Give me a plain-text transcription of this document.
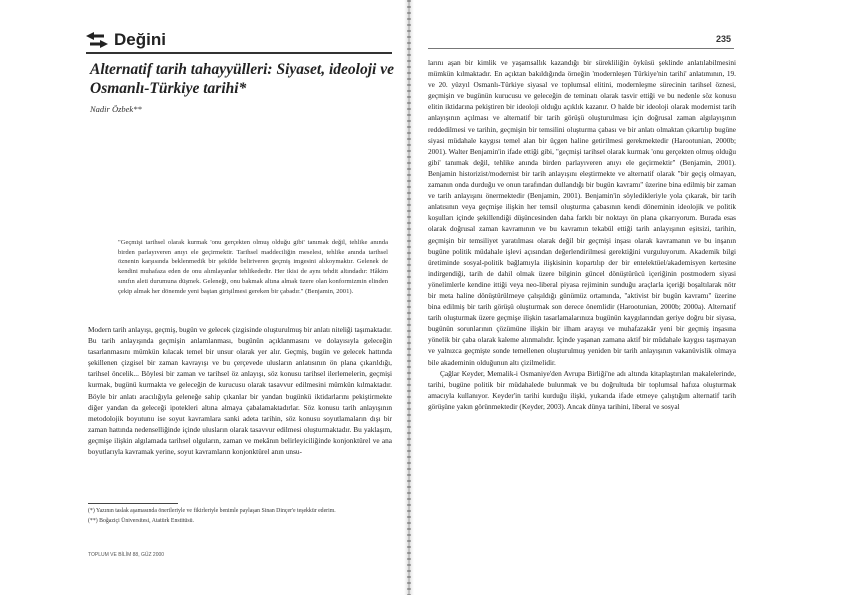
Değini
Alternatif tarih tahayyülleri: Siyaset, ideoloji ve Osmanlı-Türkiye tarihi*
Nadir Özbek**
"Geçmişi tarihsel olarak kurmak 'onu gerçekten olmuş olduğu gibi' tanımak değil, tehlike anında birden parlayıveren anıyı ele geçirmektir. Tarihsel maddeciliğin meselesi, tehlike anında tarihsel öznenin karşısında beklenmedik bir şekilde beliriveren geçmiş imgesini alıkoymaktır. Gelenek de kendini muhafaza eden de onu alımlayanlar tehlikededir. Her ikisi de aynı tehdit altındadır: Hâkim sınıfın aleti durumuna düşmek. Geleneği, onu bakmak altına almak üzere olan konformizmin elinden çekip almak her dönemde yeni baştan girişilmesi gereken bir çabadır." (Benjamin, 2001).

Modern tarih anlayışı, geçmiş, bugün ve gelecek çizgisinde oluşturulmuş bir anlatı niteliği taşımaktadır. Bu tarih anlayışında geçmişin anlamlanması, bugünün açıklanmasını ve dolayısıyla geleceğin tasarlanmasını mümkün kılacak temel bir unsur olarak yer alır. Geçmiş, bugün ve gelecek hattında şekillenen çizgisel bir zaman kavrayışı ve bu çerçevede ulusların anlatısının ön plana çıkarıldığı, tarihsel öncelik... Böylesi bir zaman ve tarihsel öz anlayışı, söz konusu tarihsel ilerlemelerin, geçmişi kurmak, bugünü kurmakta ve geleceğin de kurucusu olarak tasavvur edilmesini mümkün kılmaktadır. Böyle bir anlatı aracılığıyla geleneğe sahip çıkanlar bir yandan bugünkü iktidarlarını pekiştirmekte diğer yandan da geleceği ipotekleri altına almaya çabalamaktadırlar. Söz konusu tarih anlayışının metodolojik boyutunu ise soyut kavramlara sanki adeta tarihin, söz konusu soyutlamaların dışı bir zaman hattında nedenselliğinde içinde ulusların olarak tasavvur edilmesi oluşturmaktadır. Bu yaklaşım, geçmişe ilişkin algılamada tarihsel olguların, zaman ve mekânın belirleyiciliğinde konjonktürel ve ana boyutlarıyla kavramak yerine, soyut kavramların konjonktürel anın unsu-

(*) Yazının taslak aşamasında önerileriyle ve fikirleriyle benimle paylaşan Sinan Dinçer'e teşekkür ederim.
(**) Boğaziçi Üniversitesi, Atatürk Enstitüsü.
TOPLUM VE BİLİM 88, GÜZ 2000
235

larını aşan bir kimlik ve yaşamsallık kazandığı bir sürekliliğin öyküsü şeklinde anlatılabilmesini mümkün kılmaktadır. En açıktan bakıldığında örneğin 'modernleşen Türkiye'nin tarihi' anlatımının, 19. ve 20. yüzyıl Osmanlı-Türkiye siyasal ve toplumsal elitini, modernleşme sürecinin tarihsel öznesi, geçmişin ve bugünün kurucusu ve geleceğin de teminatı olarak tasvir ettiği ve bu nedenle söz konusu elitin iktidarına pekiştiren bir ideoloji olduğu açıklık kazanır. O halde bir ideoloji olarak modernist tarih anlayışının açılması ve alternatif bir tarih görüşü oluşturulması için doğrusal zaman algılayışının reddedilmesi ve tarihin, geçmişin bir temsilini oluşturma çabası ve bir anlatı olmaktan çıkartılıp bugüne siyasi müdahale kaygısı temel alan bir üçgen haline getirilmesi gerekmektedir (Harootunian, 2000b; 2001). Walter Benjamin'in ifade ettiği gibi, "geçmişi tarihsel olarak kurmak 'onu gerçekten olmuş olduğu gibi' tanımak değil, tehlike anında birden parlayıveren anıyı ele geçirmektir" (Benjamin, 2001). Benjamin historizist/modernist bir tarih anlayışını eleştirmekte ve alternatif olarak "bir geçiş olmayan, zamanın onda durduğu ve onun tarafından dullandığı bir bugün kavramı" üzerine bina edilmiş bir zaman ve tarih anlayışını önermektedir (Benjamin, 2001). Benjamin'in söyledikleriyle yola çıkarak, bir tarih anlatısının veya geçmişe ilişkin her temsil oluşturma çabasının kendi döneminin ideolojik ve politik koşulları içinde şekillendiği düşüncesinden daha farklı bir noktayı ön plana çıkarıyorum. Burada esas olarak doğrusal zaman kavramının ve bu kavramın tekabül ettiği tarih anlayışının eşitsizi, tarihin, geçmişin bir temsiliyet yaratılması olarak değil bir geçmişi inşası olarak kavramanın ve bu inşanın bugüne politik müdahale işlevi açısından değerlendirilmesi gerektiğini vurguluyorum. Akademik bilgi üretiminde sosyal-politik bağlamıyla ilişkisinin kopartılıp der bir entelektüel/akademisyen kertesine indirgendiği, tarih de dahil olmak üzere bilginin güncel dönüştürücü içeriğinin postmodern siyasi yönelimlerle kendine ittiği veya neo-liberal piyasa rejiminin sunduğu araçlarla içeriği boşaltılarak nötr bir meta haline dönüştürülmeye çalışıldığı günümüz ortamında, "aktivist bir bugün kavramı" üzerine bina edilmiş bir tarih görüşü oluşturmak son derece önemlidir (Harootunian, 2000b; 2000a). Alternatif tarih oluşturmak üzere geçmişe ilişkin tasarlamalarınıza bugünün kaygılarından geriye doğru bir siyasa, bugünün sorunlarının çözümüne ilişkin bir ilham arayışı ve muhafazakâr yeni bir geçmiş inşasına yönelik bir çaba olarak kaleme alınmalıdır. İçinde yaşanan zamana aktif bir müdahale kaygısı taşımayan ve yalnızca geçmişte sonde temellenen oluşturulmuş yeniden bir tarih anlayışının vakanüvislik olmaya bile akademinin olduğunun altı çizilmelidir.

Çağlar Keyder, Memalik-i Osmaniye'den Avrupa Birliği'ne adı altında kitaplaştırılan makalelerinde, tarihi, bugüne politik bir müdahalede bulunmak ve bu doğrultuda bir toplumsal hafıza oluşturmak amacıyla kullanıyor. Keyder'in tarihi kurduğu ilişki, yukarıda ifade etmeye çalıştığım alternatif tarih görüşüne yakın görünmektedir (Keyder, 2003). Ancak dünya tarihini, liberal ve sosyal
